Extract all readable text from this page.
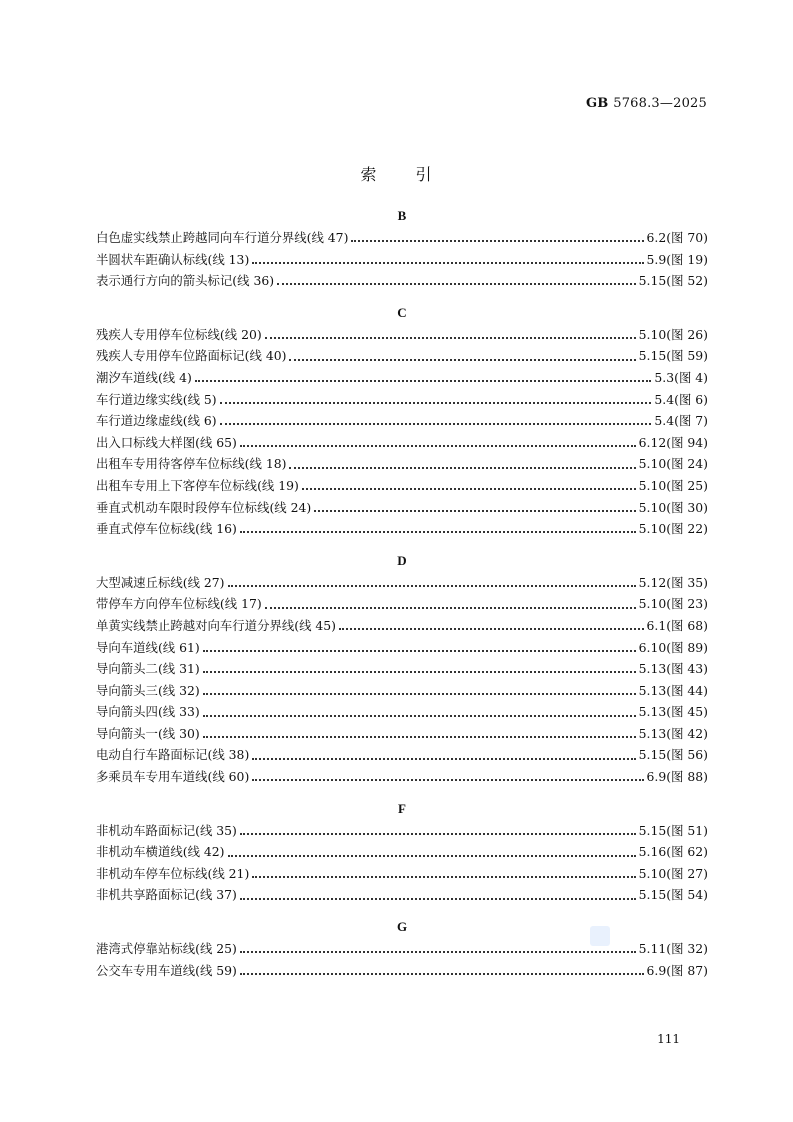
GB 5768.3—2025
索 引
B
白色虚实线禁止跨越同向车行道分界线(线 47)	6.2(图 70)
半圆状车距确认标线(线 13)	5.9(图 19)
表示通行方向的箭头标记(线 36)	5.15(图 52)
C
残疾人专用停车位标线(线 20)	5.10(图 26)
残疾人专用停车位路面标记(线 40)	5.15(图 59)
潮汐车道线(线 4)	5.3(图 4)
车行道边缘实线(线 5)	5.4(图 6)
车行道边缘虚线(线 6)	5.4(图 7)
出入口标线大样图(线 65)	6.12(图 94)
出租车专用待客停车位标线(线 18)	5.10(图 24)
出租车专用上下客停车位标线(线 19)	5.10(图 25)
垂直式机动车限时段停车位标线(线 24)	5.10(图 30)
垂直式停车位标线(线 16)	5.10(图 22)
D
大型减速丘标线(线 27)	5.12(图 35)
带停车方向停车位标线(线 17)	5.10(图 23)
单黄实线禁止跨越对向车行道分界线(线 45)	6.1(图 68)
导向车道线(线 61)	6.10(图 89)
导向箭头二(线 31)	5.13(图 43)
导向箭头三(线 32)	5.13(图 44)
导向箭头四(线 33)	5.13(图 45)
导向箭头一(线 30)	5.13(图 42)
电动自行车路面标记(线 38)	5.15(图 56)
多乘员车专用车道线(线 60)	6.9(图 88)
F
非机动车路面标记(线 35)	5.15(图 51)
非机动车横道线(线 42)	5.16(图 62)
非机动车停车位标线(线 21)	5.10(图 27)
非机共享路面标记(线 37)	5.15(图 54)
G
港湾式停靠站标线(线 25)	5.11(图 32)
公交车专用车道线(线 59)	6.9(图 87)
111
